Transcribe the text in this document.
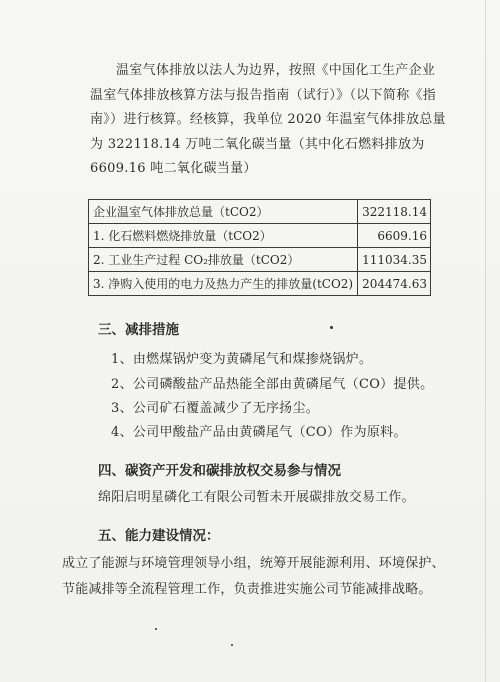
温室气体排放以法人为边界，按照《中国化工生产企业
温室气体排放核算方法与报告指南（试行）》（以下简称《指
南》）进行核算。经核算，我单位 2020 年温室气体排放总量
为 322118.14 万吨二氧化碳当量（其中化石燃料排放为
6609.16 吨二氧化碳当量）
企业温室气体排放总量（tCO2）	322118.14
1. 化石燃料燃烧排放量（tCO2）	6609.16
2. 工业生产过程 CO₂排放量（tCO2）	111034.35
3. 净购入使用的电力及热力产生的排放量(tCO2)	204474.63
三、减排措施
1、由燃煤锅炉变为黄磷尾气和煤掺烧锅炉。
2、公司磷酸盐产品热能全部由黄磷尾气（CO）提供。
3、公司矿石覆盖减少了无序扬尘。
4、公司甲酸盐产品由黄磷尾气（CO）作为原料。
四、碳资产开发和碳排放权交易参与情况
绵阳启明星磷化工有限公司暂未开展碳排放交易工作。
五、能力建设情况：
成立了能源与环境管理领导小组，统筹开展能源利用、环境保护、
节能减排等全流程管理工作，负责推进实施公司节能减排战略。
